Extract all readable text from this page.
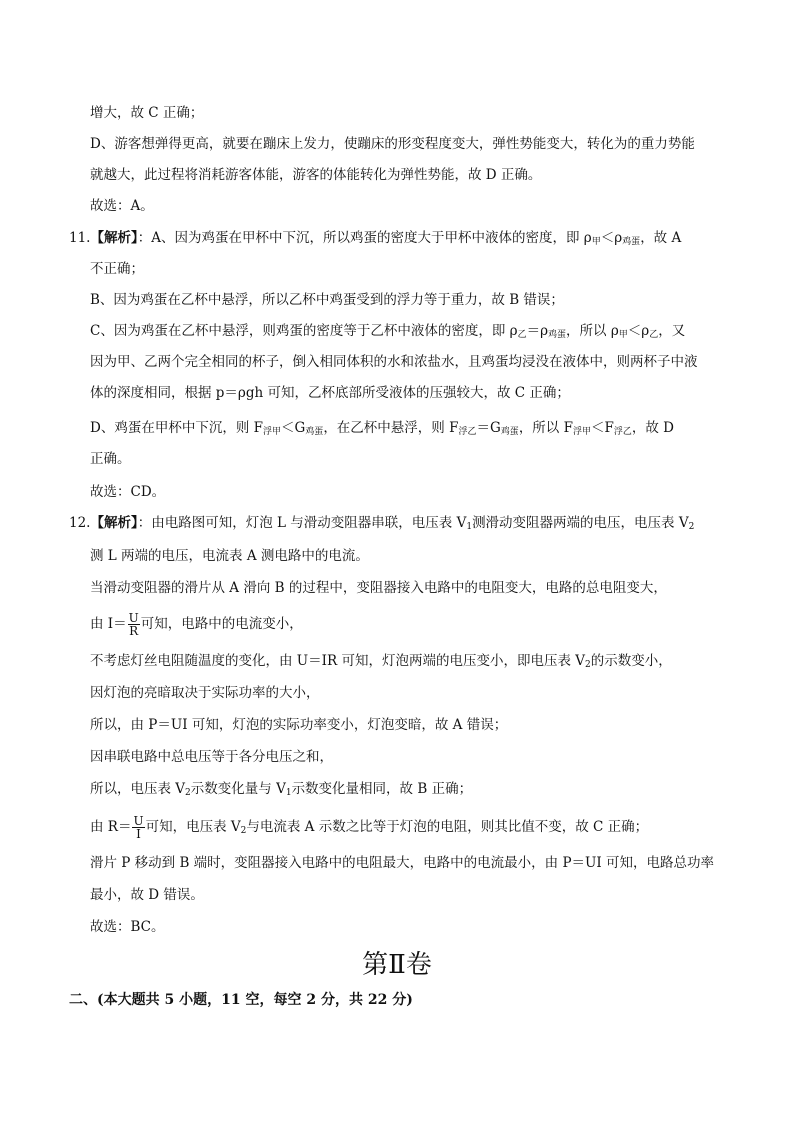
增大，故 C 正确；
D、游客想弹得更高，就要在蹦床上发力，使蹦床的形变程度变大，弹性势能变大，转化为的重力势能
就越大，此过程将消耗游客体能，游客的体能转化为弹性势能，故 D 正确。
故选：A。
11.【解析】：A、因为鸡蛋在甲杯中下沉，所以鸡蛋的密度大于甲杯中液体的密度，即 $\rho_甲<\rho_{鸡蛋}$，故 A
不正确；
B、因为鸡蛋在乙杯中悬浮，所以乙杯中鸡蛋受到的浮力等于重力，故 B 错误；
C、因为鸡蛋在乙杯中悬浮，则鸡蛋的密度等于乙杯中液体的密度，即 $\rho_乙=\rho_{鸡蛋}$，所以 $\rho_甲<\rho_乙$，又
因为甲、乙两个完全相同的杯子，倒入相同体积的水和浓盐水，且鸡蛋均浸没在液体中，则两杯子中液
体的深度相同，根据 p＝ρgh 可知，乙杯底部所受液体的压强较大，故 C 正确；
D、鸡蛋在甲杯中下沉，则 $F_{浮甲}<G_{鸡蛋}$，在乙杯中悬浮，则 $F_{浮乙}=G_{鸡蛋}$，所以 $F_{浮甲}<F_{浮乙}$，故 D
正确。
故选：CD。
12.【解析】：由电路图可知，灯泡 L 与滑动变阻器串联，电压表 $V_1$测滑动变阻器两端的电压，电压表 $V_2$
测 L 两端的电压，电流表 A 测电路中的电流。
当滑动变阻器的滑片从 A 滑向 B 的过程中，变阻器接入电路中的电阻变大，电路的总电阻变大，
由 $I= \frac{U}{R}$ 可知，电路中的电流变小，
不考虑灯丝电阻随温度的变化，由 U＝IR 可知，灯泡两端的电压变小，即电压表 $V_2$的示数变小，
因灯泡的亮暗取决于实际功率的大小，
所以，由 P＝UI 可知，灯泡的实际功率变小，灯泡变暗，故 A 错误；
因串联电路中总电压等于各分电压之和，
所以，电压表 $V_2$示数变化量与 $V_1$示数变化量相同，故 B 正确；
由 $R= \frac{U}{I}$ 可知，电压表 $V_2$与电流表 A 示数之比等于灯泡的电阻，则其比值不变，故 C 正确；
滑片 P 移动到 B 端时，变阻器接入电路中的电阻最大，电路中的电流最小，由 P＝UI 可知，电路总功率
最小，故 D 错误。
故选：BC。
第Ⅱ卷
二、(本大题共 5 小题，11 空，每空 2 分，共 22 分)
